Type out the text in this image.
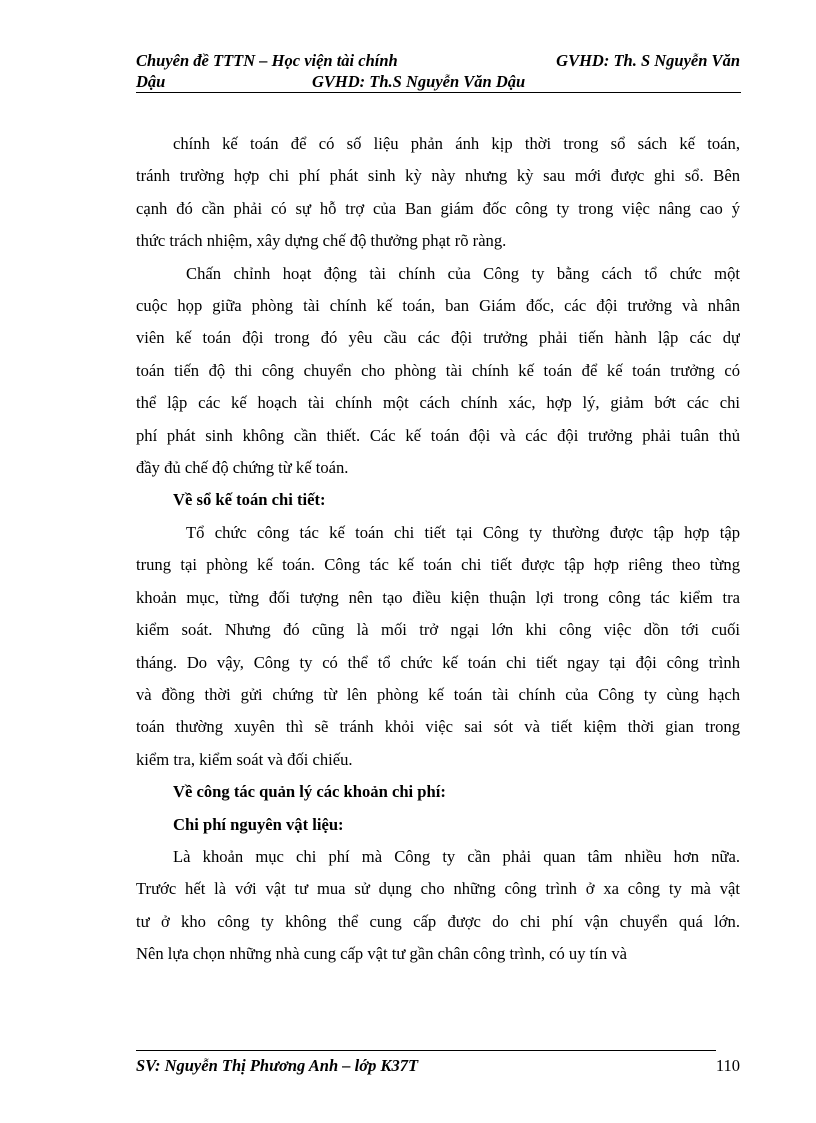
Chuyên đề TTTN – Học viện tài chính	GVHD: Th. S Nguyễn Văn
Dậu	GVHD: Th.S Nguyễn Văn Dậu
chính kế toán để có số liệu phản ánh kịp thời trong sổ sách kế toán,
tránh trường hợp chi phí phát sinh kỳ này nhưng kỳ sau mới được ghi sổ. Bên
cạnh đó cần phải có sự hỗ trợ của Ban giám đốc công ty trong việc nâng cao ý
thức trách nhiệm, xây dựng chế độ thưởng phạt rõ ràng.
Chấn chỉnh hoạt động tài chính của Công ty bằng cách tổ chức một
cuộc họp giữa phòng tài chính kế toán, ban Giám đốc, các đội trưởng và nhân
viên kế toán đội trong đó yêu cầu các đội trưởng phải tiến hành lập các dự
toán tiến độ thi công chuyển cho phòng tài chính kế toán để kế toán trưởng có
thể lập các kế hoạch tài chính một cách chính xác, hợp lý, giảm bớt các chi
phí phát sinh không cần thiết. Các kế toán đội và các đội trưởng phải tuân thủ
đầy đủ chế độ chứng từ kế toán.
Về sổ kế toán chi tiết:
Tổ chức công tác kế toán chi tiết tại Công ty thường được tập hợp tập
trung tại phòng kế toán. Công tác kế toán chi tiết được tập hợp riêng theo từng
khoản mục, từng đối tượng nên tạo điều kiện thuận lợi trong công tác kiểm tra
kiểm soát. Nhưng đó cũng là mối trở ngại lớn khi công việc dồn tới cuối
tháng. Do vậy, Công ty có thể tổ chức kế toán chi tiết ngay tại đội công trình
và đồng thời gửi chứng từ lên phòng kế toán tài chính của Công ty cùng hạch
toán thường xuyên thì sẽ tránh khỏi việc sai sót và tiết kiệm thời gian trong
kiểm tra, kiểm soát và đối chiếu.
Về công tác quản lý các khoản chi phí:
Chi phí nguyên vật liệu:
Là khoản mục chi phí mà Công ty cần phải quan tâm nhiều hơn nữa.
Trước hết là với vật tư mua sử dụng cho những công trình ở xa công ty mà vật
tư ở kho công ty không thể cung cấp được do chi phí vận chuyển quá lớn.
Nên lựa chọn những nhà cung cấp vật tư gần chân công trình, có uy tín và
SV: Nguyễn Thị Phương Anh – lớp K37T	110
